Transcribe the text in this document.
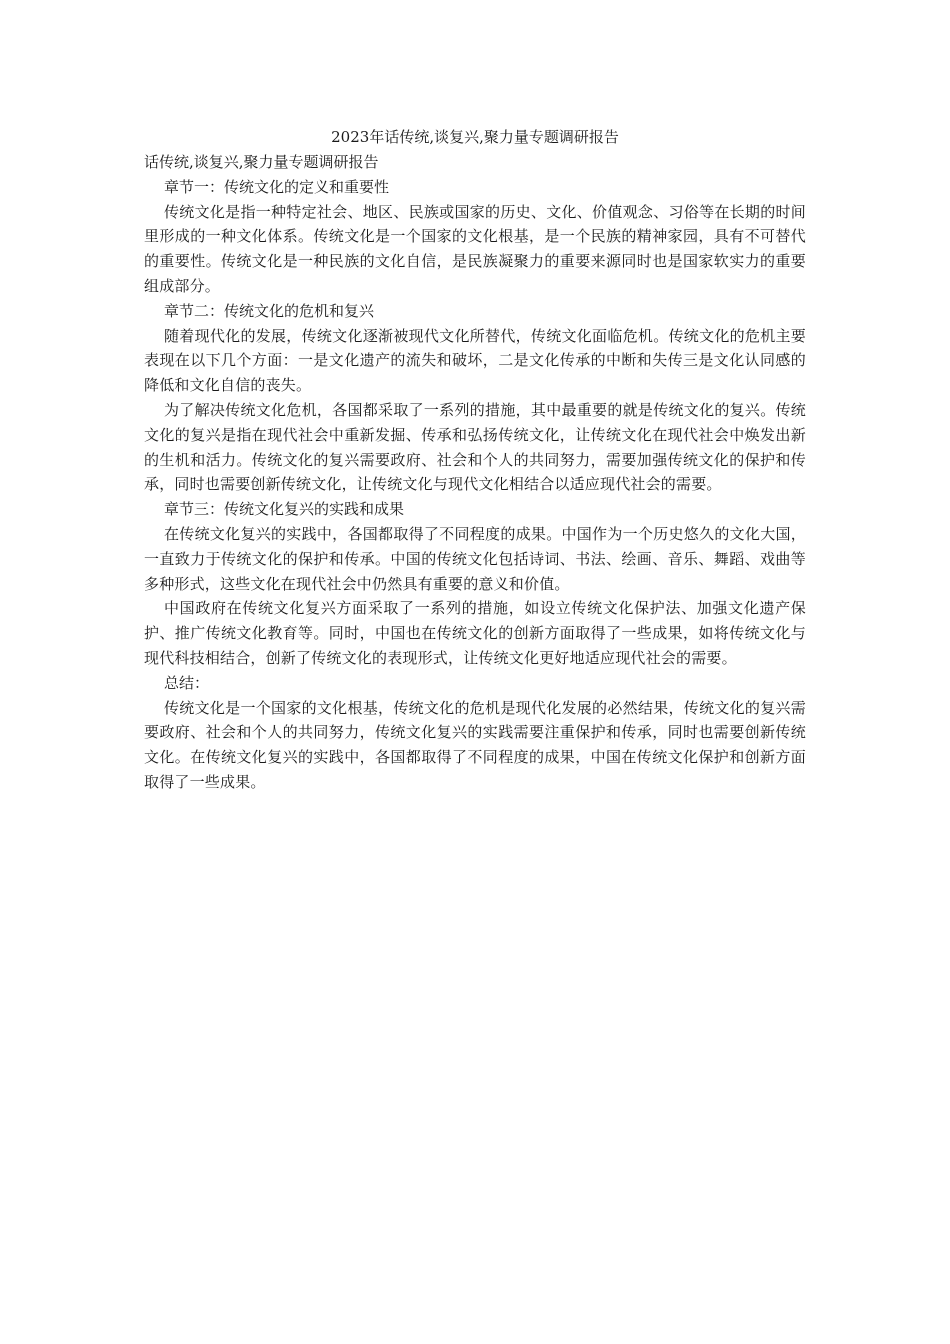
2023年话传统,谈复兴,聚力量专题调研报告

话传统,谈复兴,聚力量专题调研报告

章节一：传统文化的定义和重要性

传统文化是指一种特定社会、地区、民族或国家的历史、文化、价值观念、习俗等在长期的时间里形成的一种文化体系。传统文化是一个国家的文化根基，是一个民族的精神家园，具有不可替代的重要性。传统文化是一种民族的文化自信，是民族凝聚力的重要来源同时也是国家软实力的重要组成部分。

章节二：传统文化的危机和复兴

随着现代化的发展，传统文化逐渐被现代文化所替代，传统文化面临危机。传统文化的危机主要表现在以下几个方面：一是文化遗产的流失和破坏，二是文化传承的中断和失传三是文化认同感的降低和文化自信的丧失。

为了解决传统文化危机，各国都采取了一系列的措施，其中最重要的就是传统文化的复兴。传统文化的复兴是指在现代社会中重新发掘、传承和弘扬传统文化，让传统文化在现代社会中焕发出新的生机和活力。传统文化的复兴需要政府、社会和个人的共同努力，需要加强传统文化的保护和传承，同时也需要创新传统文化，让传统文化与现代文化相结合以适应现代社会的需要。

章节三：传统文化复兴的实践和成果

在传统文化复兴的实践中，各国都取得了不同程度的成果。中国作为一个历史悠久的文化大国，一直致力于传统文化的保护和传承。中国的传统文化包括诗词、书法、绘画、音乐、舞蹈、戏曲等多种形式，这些文化在现代社会中仍然具有重要的意义和价值。

中国政府在传统文化复兴方面采取了一系列的措施，如设立传统文化保护法、加强文化遗产保护、推广传统文化教育等。同时，中国也在传统文化的创新方面取得了一些成果，如将传统文化与现代科技相结合，创新了传统文化的表现形式，让传统文化更好地适应现代社会的需要。

总结：

传统文化是一个国家的文化根基，传统文化的危机是现代化发展的必然结果，传统文化的复兴需要政府、社会和个人的共同努力，传统文化复兴的实践需要注重保护和传承，同时也需要创新传统文化。在传统文化复兴的实践中，各国都取得了不同程度的成果，中国在传统文化保护和创新方面取得了一些成果。
